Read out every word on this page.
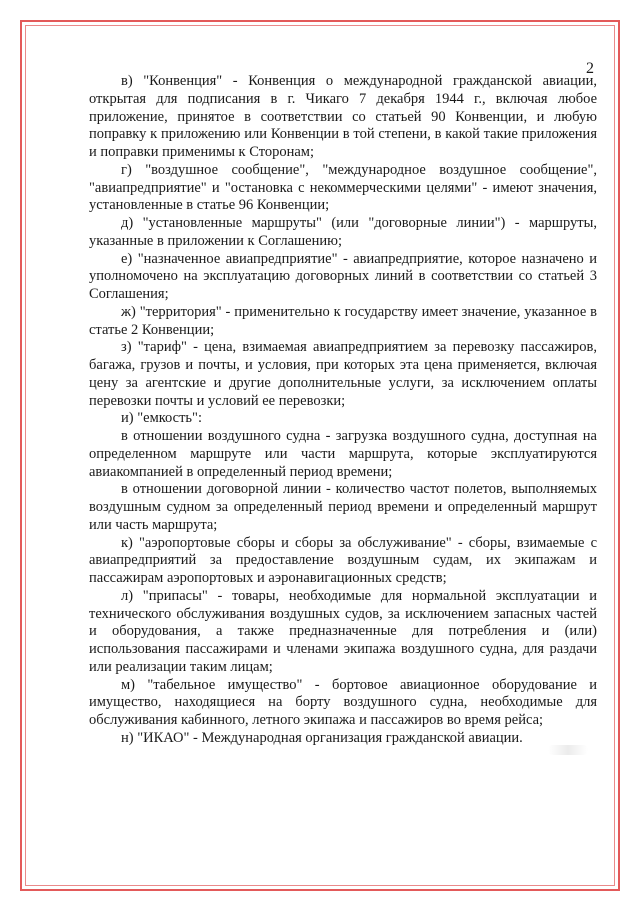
2

в) "Конвенция" - Конвенция о международной гражданской авиации, открытая для подписания в г. Чикаго 7 декабря 1944 г., включая любое приложение, принятое в соответствии со статьей 90 Конвенции, и любую поправку к приложению или Конвенции в той степени, в какой такие приложения и поправки применимы к Сторонам;

г) "воздушное сообщение", "международное воздушное сообщение", "авиапредприятие" и "остановка с некоммерческими целями" - имеют значения, установленные в статье 96 Конвенции;

д) "установленные маршруты" (или "договорные линии") - маршруты, указанные в приложении к Соглашению;

е) "назначенное авиапредприятие" - авиапредприятие, которое назначено и уполномочено на эксплуатацию договорных линий в соответствии со статьей 3 Соглашения;

ж) "территория" - применительно к государству имеет значение, указанное в статье 2 Конвенции;

з) "тариф" - цена, взимаемая авиапредприятием за перевозку пассажиров, багажа, грузов и почты, и условия, при которых эта цена применяется, включая цену за агентские и другие дополнительные услуги, за исключением оплаты перевозки почты и условий ее перевозки;

и) "емкость":

в отношении воздушного судна - загрузка воздушного судна, доступная на определенном маршруте или части маршрута, которые эксплуатируются авиакомпанией в определенный период времени;

в отношении договорной линии - количество частот полетов, выполняемых воздушным судном за определенный период времени и определенный маршрут или часть маршрута;

к) "аэропортовые сборы и сборы за обслуживание" - сборы, взимаемые с авиапредприятий за предоставление воздушным судам, их экипажам и пассажирам аэропортовых и аэронавигационных средств;

л) "припасы" - товары, необходимые для нормальной эксплуатации и технического обслуживания воздушных судов, за исключением запасных частей и оборудования, а также предназначенные для потребления и (или) использования пассажирами и членами экипажа воздушного судна, для раздачи или реализации таким лицам;

м) "табельное имущество" - бортовое авиационное оборудование и имущество, находящиеся на борту воздушного судна, необходимые для обслуживания кабинного, летного экипажа и пассажиров во время рейса;

н) "ИКАО" - Международная организация гражданской авиации.
